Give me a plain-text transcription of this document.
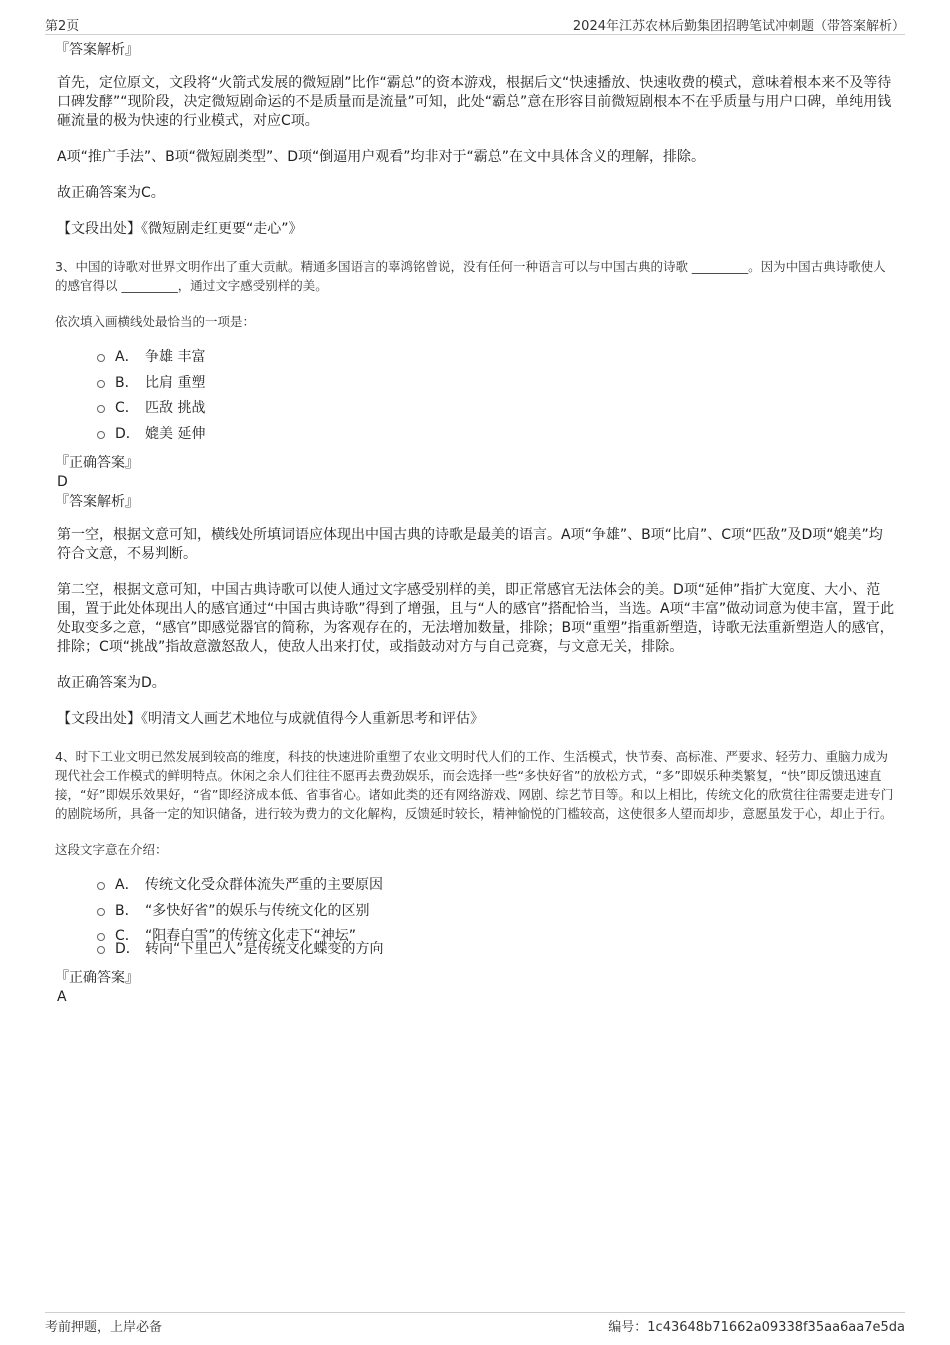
第2页	2024年江苏农林后勤集团招聘笔试冲刺题（带答案解析）

『答案解析』

首先，定位原文，文段将“火箭式发展的微短剧”比作“霸总”的资本游戏，根据后文“快速播放、快速收费的模式，意味着根本来不及等待口碑发酵”“现阶段，决定微短剧命运的不是质量而是流量”可知，此处“霸总”意在形容目前微短剧根本不在乎质量与用户口碑，单纯用钱砸流量的极为快速的行业模式，对应C项。

A项“推广手法”、B项“微短剧类型”、D项“倒逼用户观看”均非对于“霸总”在文中具体含义的理解，排除。

故正确答案为C。

【文段出处】《微短剧走红更要“走心”》

3、中国的诗歌对世界文明作出了重大贡献。精通多国语言的辜鸿铭曾说，没有任何一种语言可以与中国古典的诗歌 _________。因为中国古典诗歌使人的感官得以 _________，通过文字感受别样的美。

依次填入画横线处最恰当的一项是：

A． 争雄 丰富
B． 比肩 重塑
C． 匹敌 挑战
D． 媲美 延伸

『正确答案』

D

『答案解析』

第一空，根据文意可知，横线处所填词语应体现出中国古典的诗歌是最美的语言。A项“争雄”、B项“比肩”、C项“匹敌”及D项“媲美”均符合文意，不易判断。

第二空，根据文意可知，中国古典诗歌可以使人通过文字感受别样的美，即正常感官无法体会的美。D项“延伸”指扩大宽度、大小、范围，置于此处体现出人的感官通过“中国古典诗歌”得到了增强，且与“人的感官”搭配恰当，当选。A项“丰富”做动词意为使丰富，置于此处取变多之意，“感官”即感觉器官的简称，为客观存在的，无法增加数量，排除；B项“重塑”指重新塑造，诗歌无法重新塑造人的感官，排除；C项“挑战”指故意激怒敌人，使敌人出来打仗，或指鼓动对方与自己竞赛，与文意无关，排除。

故正确答案为D。

【文段出处】《明清文人画艺术地位与成就值得今人重新思考和评估》

4、时下工业文明已然发展到较高的维度，科技的快速进阶重塑了农业文明时代人们的工作、生活模式，快节奏、高标准、严要求、轻劳力、重脑力成为现代社会工作模式的鲜明特点。休闲之余人们往往不愿再去费劲娱乐，而会选择一些“多快好省”的放松方式，“多”即娱乐种类繁复，“快”即反馈迅速直接，“好”即娱乐效果好，“省”即经济成本低、省事省心。诸如此类的还有网络游戏、网剧、综艺节目等。和以上相比，传统文化的欣赏往往需要走进专门的剧院场所，具备一定的知识储备，进行较为费力的文化解构，反馈延时较长，精神愉悦的门槛较高，这使很多人望而却步，意愿虽发于心，却止于行。

这段文字意在介绍：

A． 传统文化受众群体流失严重的主要原因
B． “多快好省”的娱乐与传统文化的区别
C． “阳春白雪”的传统文化走下“神坛”
D． 转向“下里巴人”是传统文化蝶变的方向

『正确答案』

A

考前押题，上岸必备	编号：1c43648b71662a09338f35aa6aa7e5da
